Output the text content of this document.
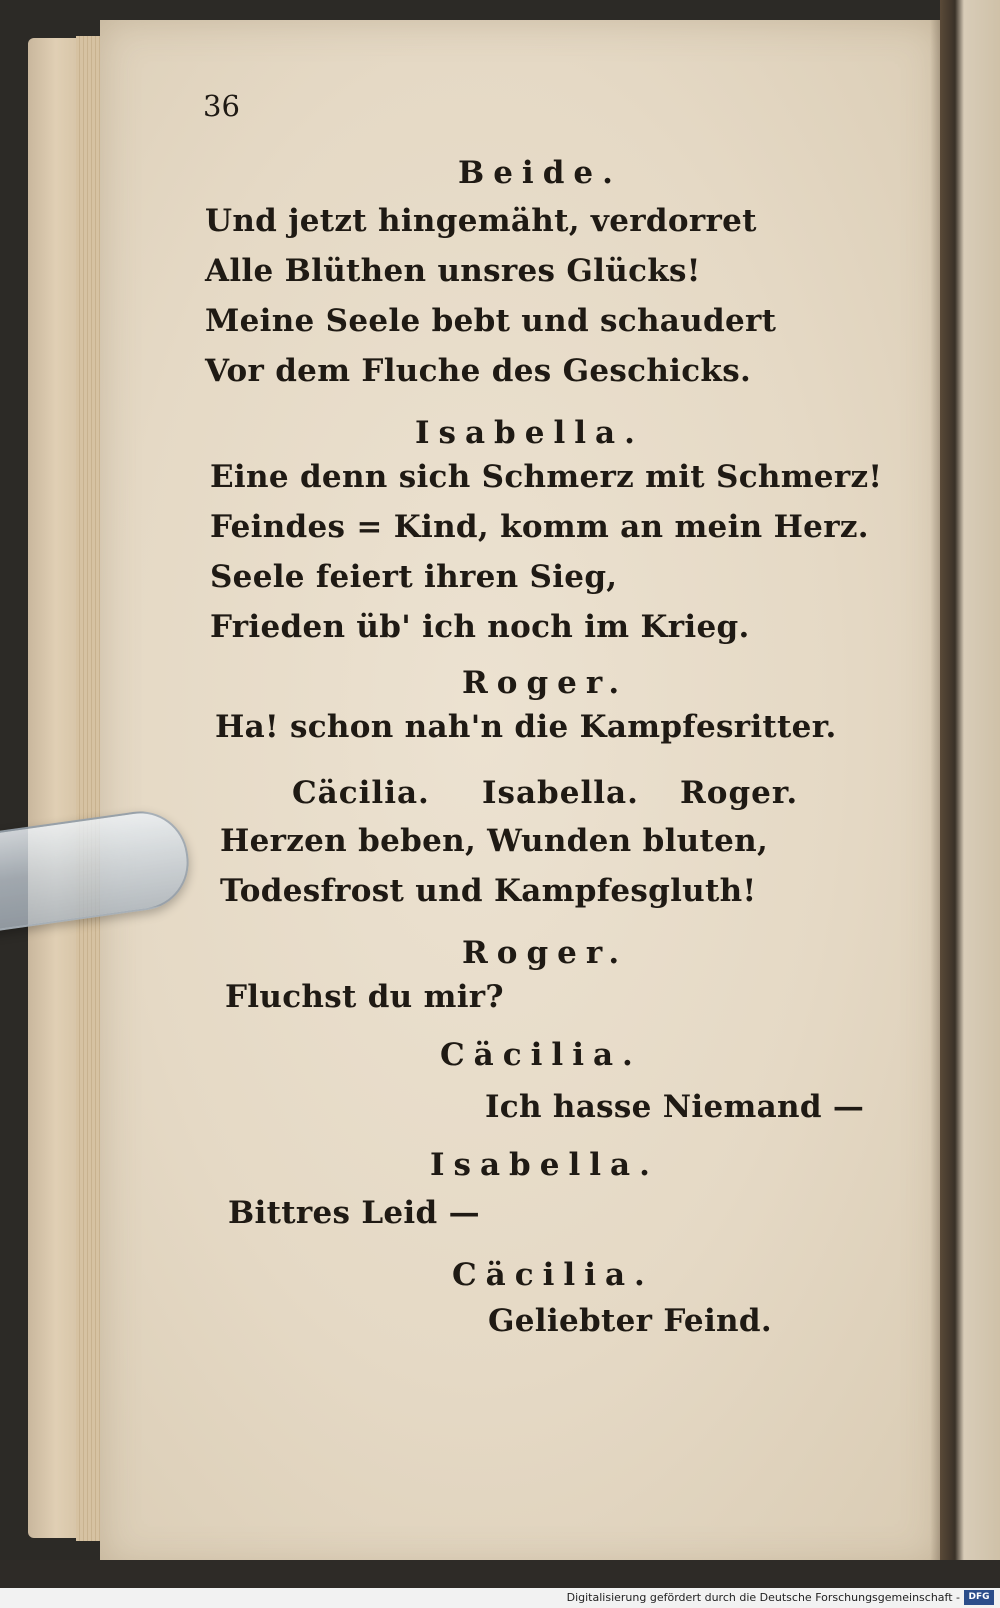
36
Beide.
Und jetzt hingemäht, verdorret
Alle Blüthen unsres Glücks!
Meine Seele bebt und schaudert
Vor dem Fluche des Geschicks.
Isabella.
Eine denn sich Schmerz mit Schmerz!
Feindes = Kind, komm an mein Herz.
Seele feiert ihren Sieg,
Frieden üb' ich noch im Krieg.
Roger.
Ha! schon nah'n die Kampfesritter.
Cäcilia. Isabella. Roger.
Herzen beben, Wunden bluten,
Todesfrost und Kampfesgluth!
Roger.
Fluchst du mir?
Cäcilia.
Ich hasse Niemand —
Isabella.
Bittres Leid —
Cäcilia.
Geliebter Feind.
Digitalisierung gefördert durch die Deutsche Forschungsgemeinschaft - DFG
